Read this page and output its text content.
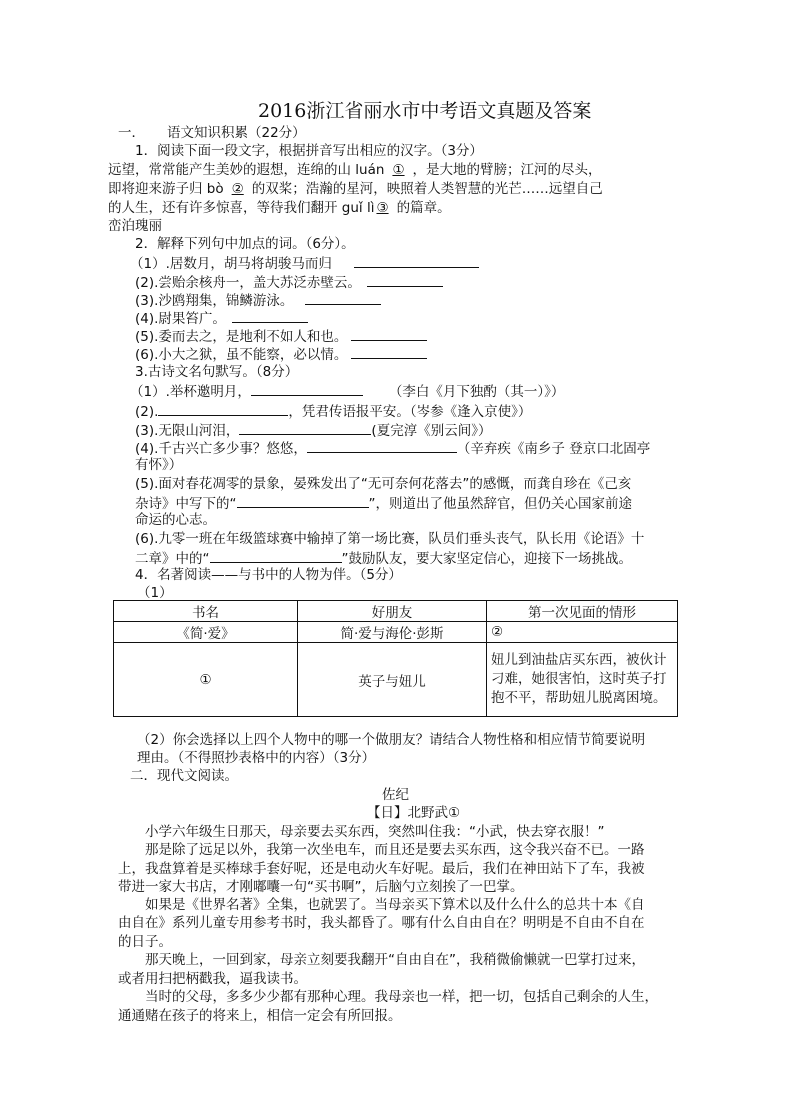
2016浙江省丽水市中考语文真题及答案
一． 语文知识积累（22分）
1．阅读下面一段文字，根据拼音写出相应的汉字。（3分）
远望，常常能产生美妙的遐想，连绵的山 luán ① ，是大地的臂膀；江河的尽头，
即将迎来游子归 bò ② 的双桨；浩瀚的星河，映照着人类智慧的光芒……远望自己
的人生，还有许多惊喜，等待我们翻开 guǐ lì ③ 的篇章。
峦泊瑰丽
2．解释下列句中加点的词。（6分）。
（1）.居数月，胡马将胡骏马而归
(2).尝贻余核舟一，盖大苏泛赤壁云。
(3).沙鸥翔集，锦鳞游泳。
(4).尉果笞广。
(5).委而去之，是地利不如人和也。
(6).小大之狱，虽不能察，必以情。
3.古诗文名句默写。（8分）
（1）.举杯邀明月，	（李白《月下独酌（其一）》）
(2).	，凭君传语报平安。（岑参《逢入京使》）
(3).无限山河泪，	(夏完淳《别云间》）
(4).千古兴亡多少事？悠悠，	（辛弃疾《南乡子 登京口北固亭
有怀》）
(5).面对春花凋零的景象，晏殊发出了“无可奈何花落去”的感慨，而龚自珍在《己亥
杂诗》中写下的“	”，则道出了他虽然辞官，但仍关心国家前途
命运的心志。
(6).九零一班在年级篮球赛中输掉了第一场比赛，队员们垂头丧气，队长用《论语》十
二章》中的“	”鼓励队友，要大家坚定信心，迎接下一场挑战。
4．名著阅读——与书中的人物为伴。（5分）
（1）
书名	好朋友	第一次见面的情形
《简·爱》	简·爱与海伦·彭斯	②
①	英子与妞儿	妞儿到油盐店买东西，被伙计刁难，她很害怕，这时英子打抱不平，帮助妞儿脱离困境。
（2）你会选择以上四个人物中的哪一个做朋友？请结合人物性格和相应情节简要说明
理由。（不得照抄表格中的内容）（3分）
二．现代文阅读。
佐纪
【日】北野武①
小学六年级生日那天，母亲要去买东西，突然叫住我：“小武，快去穿衣服！”
那是除了远足以外，我第一次坐电车，而且还是要去买东西，这令我兴奋不已。一路
上，我盘算着是买棒球手套好呢，还是电动火车好呢。最后，我们在神田站下了车，我被
带进一家大书店，才刚嘟囔一句“买书啊”，后脑勺立刻挨了一巴掌。
如果是《世界名著》全集，也就罢了。当母亲买下算术以及什么什么的总共十本《自
由自在》系列儿童专用参考书时，我头都昏了。哪有什么自由自在？明明是不自由不自在
的日子。
那天晚上，一回到家，母亲立刻要我翻开“自由自在”，我稍微偷懒就一巴掌打过来，
或者用扫把柄戳我，逼我读书。
当时的父母，多多少少都有那种心理。我母亲也一样，把一切，包括自己剩余的人生，
通通赌在孩子的将来上，相信一定会有所回报。
